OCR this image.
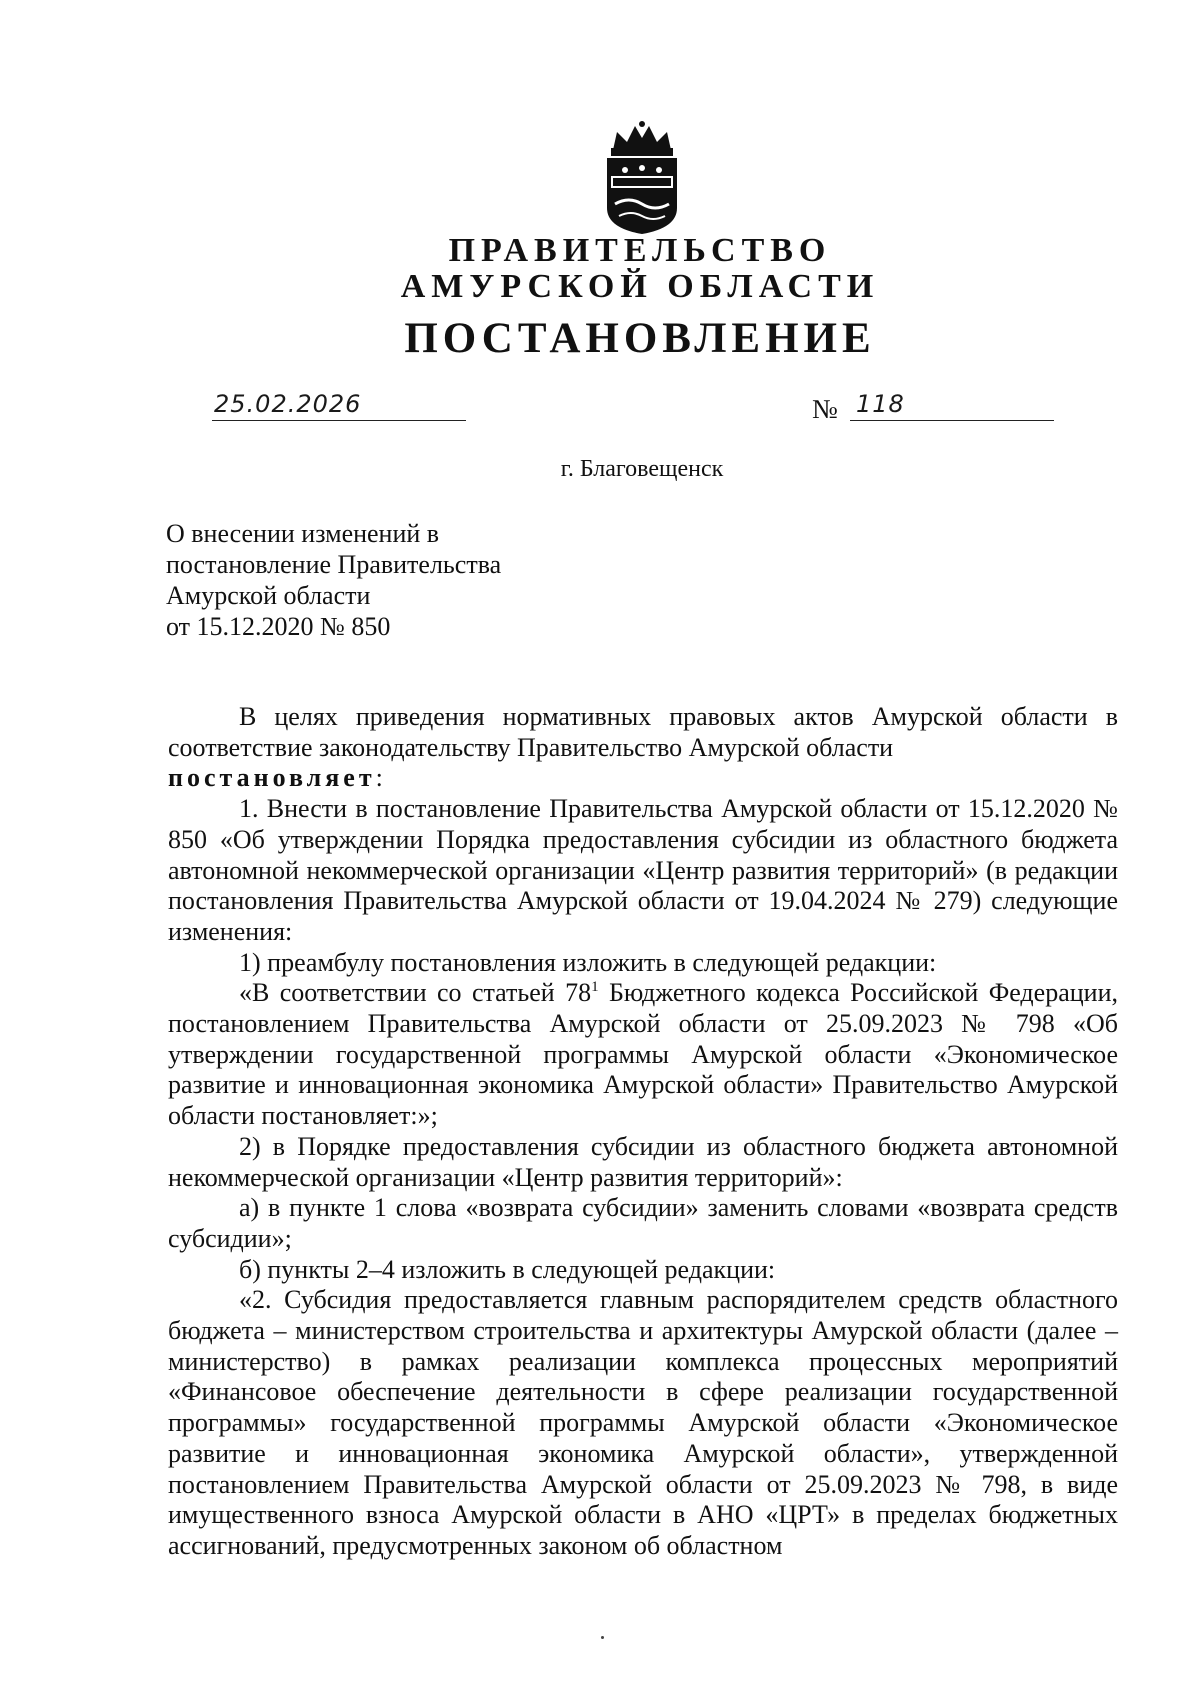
ПРАВИТЕЛЬСТВО
АМУРСКОЙ ОБЛАСТИ
ПОСТАНОВЛЕНИЕ
25.02.2026	№ 118
г. Благовещенск
О внесении изменений в
постановление Правительства
Амурской области
от 15.12.2020 № 850

В целях приведения нормативных правовых актов Амурской области в соответствие законодательству Правительство Амурской области

постановляет:

1. Внести в постановление Правительства Амурской области от 15.12.2020 № 850 «Об утверждении Порядка предоставления субсидии из областного бюджета автономной некоммерческой организации «Центр развития территорий» (в редакции постановления Правительства Амурской области от 19.04.2024 № 279) следующие изменения:

1) преамбулу постановления изложить в следующей редакции:

«В соответствии со статьей $78^1$ Бюджетного кодекса Российской Федерации, постановлением Правительства Амурской области от 25.09.2023 № 798 «Об утверждении государственной программы Амурской области «Экономическое развитие и инновационная экономика Амурской области» Правительство Амурской области постановляет:»;

2) в Порядке предоставления субсидии из областного бюджета автономной некоммерческой организации «Центр развития территорий»:

а) в пункте 1 слова «возврата субсидии» заменить словами «возврата средств субсидии»;

б) пункты 2–4 изложить в следующей редакции:

«2. Субсидия предоставляется главным распорядителем средств областного бюджета – министерством строительства и архитектуры Амурской области (далее – министерство) в рамках реализации комплекса процессных мероприятий «Финансовое обеспечение деятельности в сфере реализации государственной программы» государственной программы Амурской области «Экономическое развитие и инновационная экономика Амурской области», утвержденной постановлением Правительства Амурской области от 25.09.2023 № 798, в виде имущественного взноса Амурской области в АНО «ЦРТ» в пределах бюджетных ассигнований, предусмотренных законом об областном
